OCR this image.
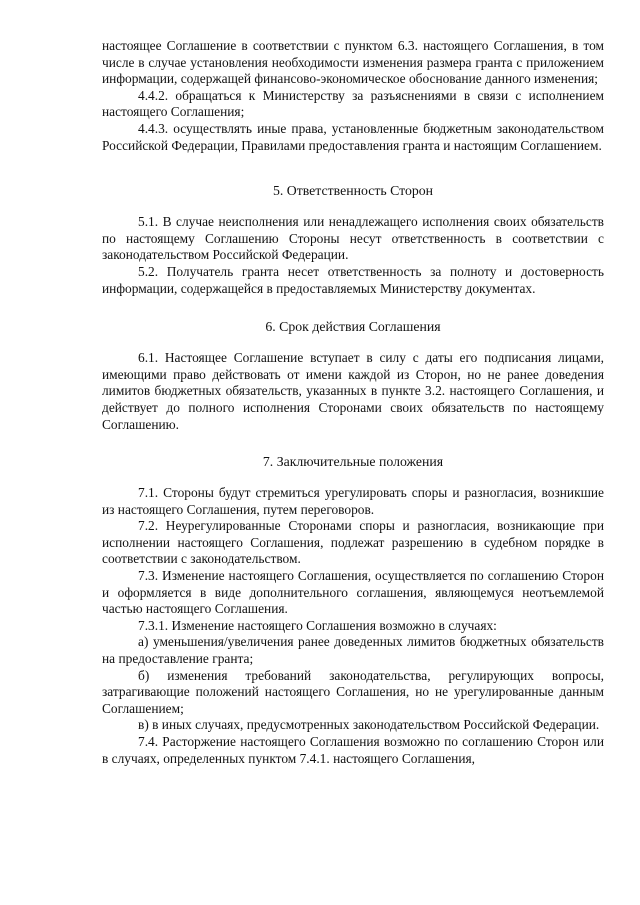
настоящее Соглашение в соответствии с пунктом 6.3. настоящего Соглашения, в том числе в случае установления необходимости изменения размера гранта с приложением информации, содержащей финансово-экономическое обоснование данного изменения;

4.4.2. обращаться к Министерству за разъяснениями в связи с исполнением настоящего Соглашения;

4.4.3. осуществлять иные права, установленные бюджетным законодательством Российской Федерации, Правилами предоставления гранта и настоящим Соглашением.

5. Ответственность Сторон

5.1. В случае неисполнения или ненадлежащего исполнения своих обязательств по настоящему Соглашению Стороны несут ответственность в соответствии с законодательством Российской Федерации.

5.2. Получатель гранта несет ответственность за полноту и достоверность информации, содержащейся в предоставляемых Министерству документах.

6. Срок действия Соглашения

6.1. Настоящее Соглашение вступает в силу с даты его подписания лицами, имеющими право действовать от имени каждой из Сторон, но не ранее доведения лимитов бюджетных обязательств, указанных в пункте 3.2. настоящего Соглашения, и действует до полного исполнения Сторонами своих обязательств по настоящему Соглашению.

7. Заключительные положения

7.1. Стороны будут стремиться урегулировать споры и разногласия, возникшие из настоящего Соглашения, путем переговоров.

7.2. Неурегулированные Сторонами споры и разногласия, возникающие при исполнении настоящего Соглашения, подлежат разрешению в судебном порядке в соответствии с законодательством.

7.3. Изменение настоящего Соглашения, осуществляется по соглашению Сторон и оформляется в виде дополнительного соглашения, являющемуся неотъемлемой частью настоящего Соглашения.

7.3.1. Изменение настоящего Соглашения возможно в случаях:

а) уменьшения/увеличения ранее доведенных лимитов бюджетных обязательств на предоставление гранта;

б) изменения требований законодательства, регулирующих вопросы, затрагивающие положений настоящего Соглашения, но не урегулированные данным Соглашением;

в) в иных случаях, предусмотренных законодательством Российской Федерации.

7.4. Расторжение настоящего Соглашения возможно по соглашению Сторон или в случаях, определенных пунктом 7.4.1. настоящего Соглашения,
